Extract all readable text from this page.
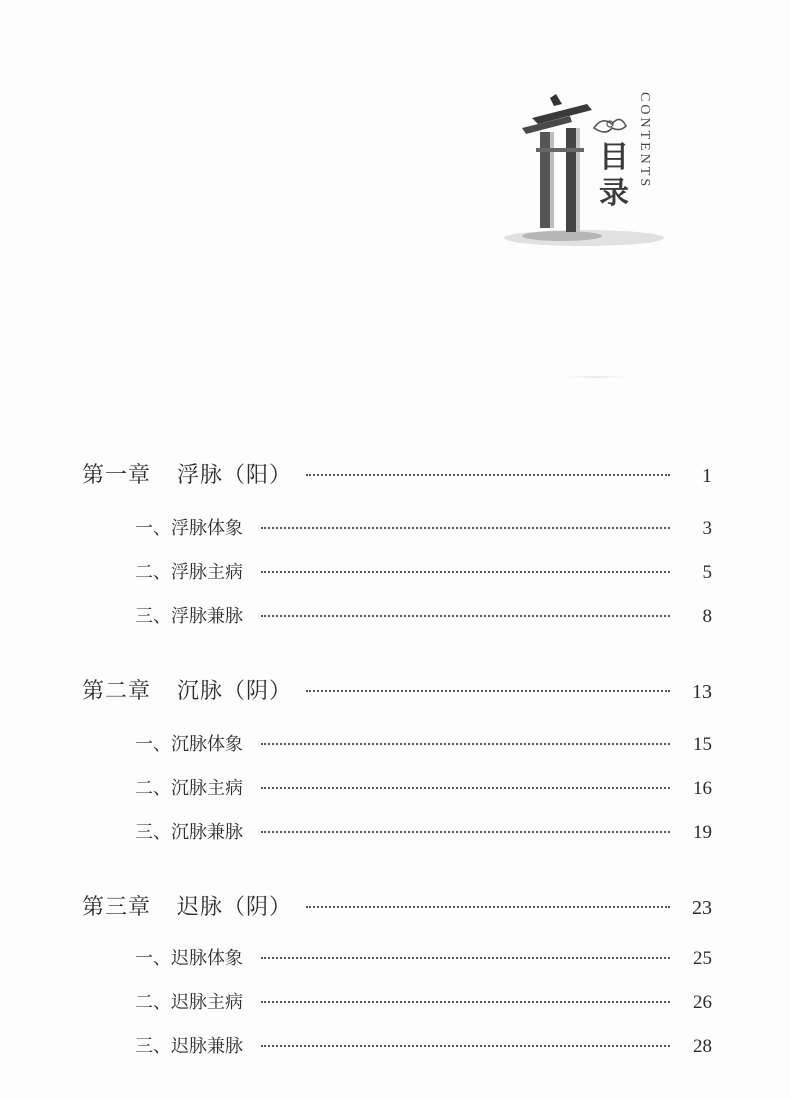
目
录
CONTENTS
第一章 浮脉（阳）	1
一、浮脉体象	3
二、浮脉主病	5
三、浮脉兼脉	8
第二章 沉脉（阴）	13
一、沉脉体象	15
二、沉脉主病	16
三、沉脉兼脉	19
第三章 迟脉（阴）	23
一、迟脉体象	25
二、迟脉主病	26
三、迟脉兼脉	28
